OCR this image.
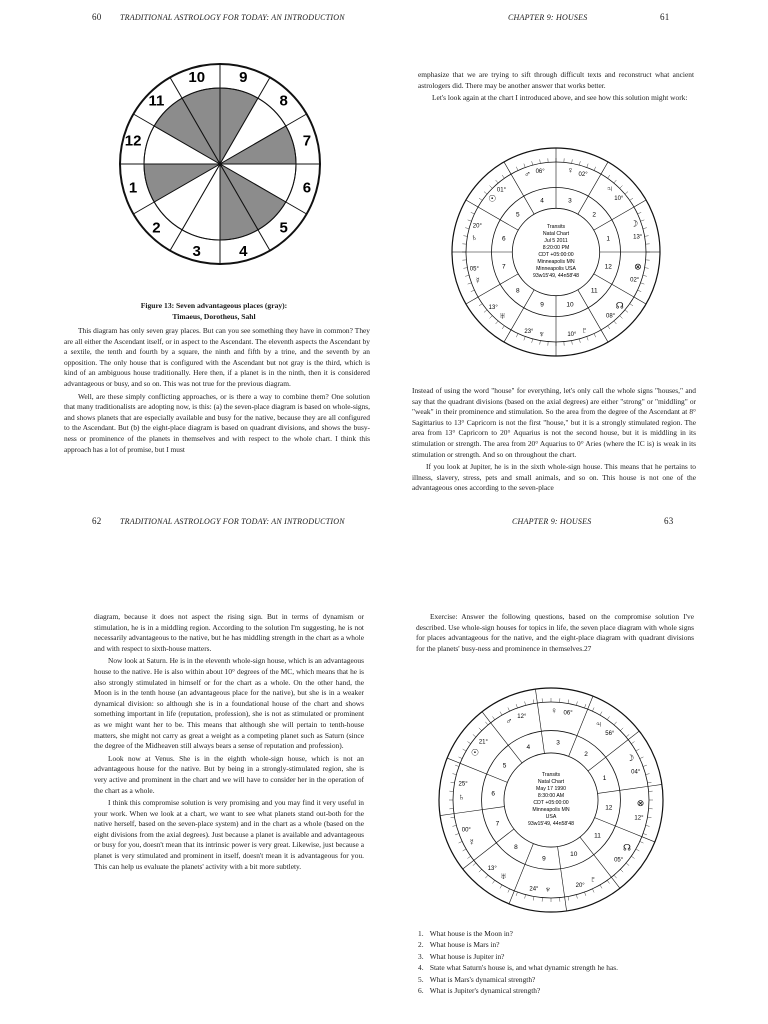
60 TRADITIONAL ASTROLOGY FOR TODAY: AN INTRODUCTION
10 9
8
7
6
5
4
3
2
1
12
11
Figure 13: Seven advantageous places (gray):
Timaeus, Dorotheus, Sahl

This diagram has only seven gray places. But can you see something they have in common? They are all either the Ascendant itself, or in aspect to the Ascendant. The eleventh aspects the Ascendant by a sextile, the tenth and fourth by a square, the ninth and fifth by a trine, and the seventh by an opposition. The only house that is configured with the Ascendant but not gray is the third, which is kind of an ambiguous house traditionally. Here then, if a planet is in the ninth, then it is considered advantageous or busy, and so on. This was not true for the previous diagram.

Well, are these simply conflicting approaches, or is there a way to combine them? One solution that many traditionalists are adopting now, is this: (a) the seven-place diagram is based on whole-signs, and shows planets that are especially available and busy for the native, because they are all configured to the Ascendant. But (b) the eight-place diagram is based on quadrant divisions, and shows the busy-ness or prominence of the planets in themselves and with respect to the whole chart. I think this approach has a lot of promise, but I must

CHAPTER 9: HOUSES	61

emphasize that we are trying to sift through difficult texts and reconstruct what ancient astrologers did. There may be another answer that works better.

Let's look again at the chart I introduced above, and see how this solution might work:

1	13°
☽
2
10°
♃
3
02°
♀
4
06°
♂
5
01°
☉
6
20°
♄
7
05°
☿
8
13°
♅
9
23° ♆
10
10° ♇
11
08°
☊
12
02°
⊗
Transits
Natal Chart
Jul 5 2011
8:20:00 PM
CDT +05:00:00
Minneapolis MN
Minneapolis USA
93w15'49, 44n58'48

Instead of using the word "house" for everything, let's only call the whole signs "houses," and say that the quadrant divisions (based on the axial degrees) are either "strong" or "middling" or "weak" in their prominence and stimulation. So the area from the degree of the Ascendant at 8° Sagittarius to 13° Capricorn is not the first "house," but it is a strongly stimulated region. The area from 13° Capricorn to 20° Aquarius is not the second house, but it is middling in its stimulation or strength. The area from 20° Aquarius to 0° Aries (where the IC is) is weak in its stimulation or strength. And so on throughout the chart.

If you look at Jupiter, he is in the sixth whole-sign house. This means that he pertains to illness, slavery, stress, pets and small animals, and so on. This house is not one of the advantageous ones according to the seven-place

62 TRADITIONAL ASTROLOGY FOR TODAY: AN INTRODUCTION

diagram, because it does not aspect the rising sign. But in terms of dynamism or stimulation, he is in a middling region. According to the solution I'm suggesting, he is not necessarily advantageous to the native, but he has middling strength in the chart as a whole and with respect to sixth-house matters.

Now look at Saturn. He is in the eleventh whole-sign house, which is an advantageous house to the native. He is also within about 10° degrees of the MC, which means that he is also strongly stimulated in himself or for the chart as a whole. On the other hand, the Moon is in the tenth house (an advantageous place for the native), but she is in a weaker dynamical division: so although she is in a foundational house of the chart and shows something important in life (reputation, profession), she is not as stimulated or prominent as we might want her to be. This means that although she will pertain to tenth-house matters, she might not carry as great a weight as a competing planet such as Saturn (since the degree of the Midheaven still always bears a sense of reputation and profession).

Look now at Venus. She is in the eighth whole-sign house, which is not an advantageous house for the native. But by being in a strongly-stimulated region, she is very active and prominent in the chart and we will have to consider her in the operation of the chart as a whole.

I think this compromise solution is very promising and you may find it very useful in your work. When we look at a chart, we want to see what planets stand out-both for the native herself, based on the seven-place system) and in the chart as a whole (based on the eight divisions from the axial degrees). Just because a planet is available and advantageous or busy for you, doesn't mean that its intrinsic power is very great. Likewise, just because a planet is very stimulated and prominent in itself, doesn't mean it is advantageous for you. This can help us evaluate the planets' activity with a bit more subtlety.

CHAPTER 9: HOUSES	63

Exercise: Answer the following questions, based on the compromise solution I've described. Use whole-sign houses for topics in life, the seven place diagram with whole signs for places advantageous for the native, and the eight-place diagram with quadrant divisions for the planets' busy-ness and prominence in themselves.27

1
04°
☽
2
56°
♃
3
06°
♀
4
12°
♂
5
21°
☉
6
25°
♄
7
00°
☿
8
13°
♅
9
24° ♆
10
20°
♇
11
05°
☊
12
12°
⊗
Transits
Natal Chart
May 17 1990
8:30:00 AM
CDT +05:00:00
Minneapolis MN
USA
93w15'49, 44n58'48
1. What house is the Moon in?
2. What house is Mars in?
3. What house is Jupiter in?
4. State what Saturn's house is, and what dynamic strength he has.
5. What is Mars's dynamical strength?
6. What is Jupiter's dynamical strength?
